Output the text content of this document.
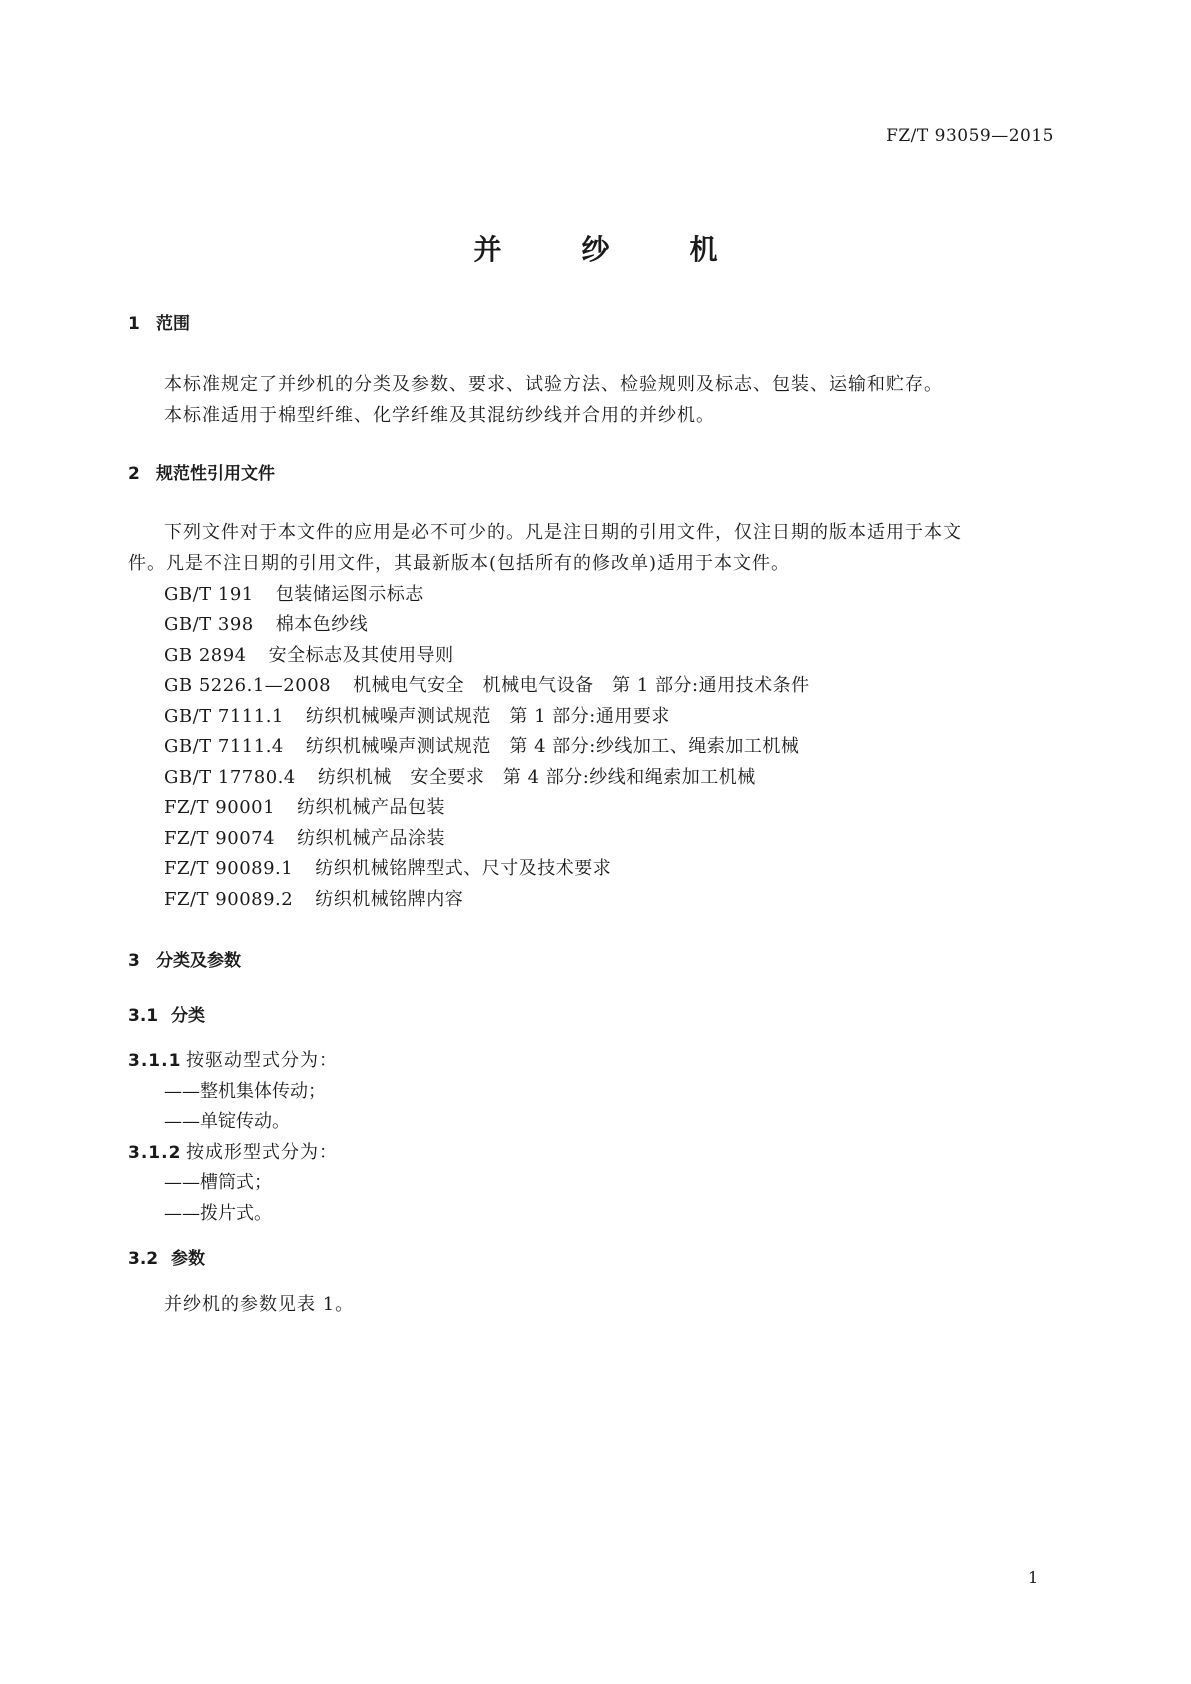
FZ/T 93059—2015
并　纱　机
1 范围
本标准规定了并纱机的分类及参数、要求、试验方法、检验规则及标志、包装、运输和贮存。
本标准适用于棉型纤维、化学纤维及其混纺纱线并合用的并纱机。
2 规范性引用文件
下列文件对于本文件的应用是必不可少的。凡是注日期的引用文件，仅注日期的版本适用于本文
件。凡是不注日期的引用文件，其最新版本(包括所有的修改单)适用于本文件。
GB/T 191 包装储运图示标志
GB/T 398 棉本色纱线
GB 2894 安全标志及其使用导则
GB 5226.1—2008 机械电气安全　机械电气设备　第 1 部分:通用技术条件
GB/T 7111.1 纺织机械噪声测试规范　第 1 部分:通用要求
GB/T 7111.4 纺织机械噪声测试规范　第 4 部分:纱线加工、绳索加工机械
GB/T 17780.4 纺织机械　安全要求　第 4 部分:纱线和绳索加工机械
FZ/T 90001 纺织机械产品包装
FZ/T 90074 纺织机械产品涂装
FZ/T 90089.1 纺织机械铭牌型式、尺寸及技术要求
FZ/T 90089.2 纺织机械铭牌内容
3 分类及参数
3.1 分类
3.1.1 按驱动型式分为：
——整机集体传动；
——单锭传动。
3.1.2 按成形型式分为：
——槽筒式；
——拨片式。
3.2 参数
并纱机的参数见表 1。
1
